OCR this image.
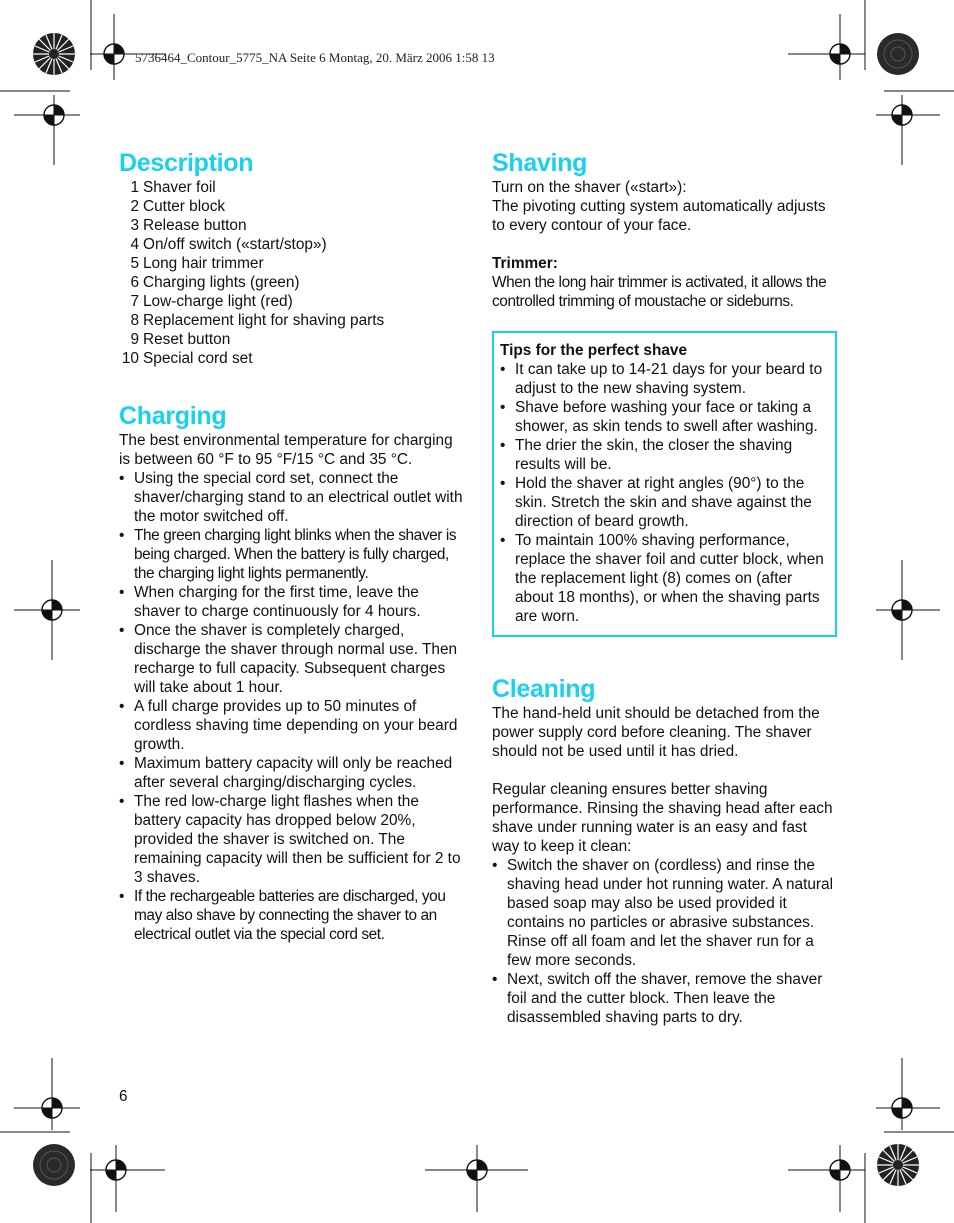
5736464_Contour_5775_NA Seite 6 Montag, 20. März 2006 1:58 13
Description
1 Shaver foil
2 Cutter block
3 Release button
4 On/off switch («start/stop»)
5 Long hair trimmer
6 Charging lights (green)
7 Low-charge light (red)
8 Replacement light for shaving parts
9 Reset button
10 Special cord set
Charging

The best environmental temperature for charging is between 60 °F to 95 °F/15 °C and 35 °C.

• Using the special cord set, connect the shaver/charging stand to an electrical outlet with the motor switched off.
• The green charging light blinks when the shaver is being charged. When the battery is fully charged, the charging light lights permanently.
• When charging for the first time, leave the shaver to charge continuously for 4 hours.
• Once the shaver is completely charged, discharge the shaver through normal use. Then recharge to full capacity. Subsequent charges will take about 1 hour.
• A full charge provides up to 50 minutes of cordless shaving time depending on your beard growth.
• Maximum battery capacity will only be reached after several charging/discharging cycles.
• The red low-charge light flashes when the battery capacity has dropped below 20%, provided the shaver is switched on. The remaining capacity will then be sufficient for 2 to 3 shaves.
• If the rechargeable batteries are discharged, you may also shave by connecting the shaver to an electrical outlet via the special cord set.
Shaving

Turn on the shaver («start»):

The pivoting cutting system automatically adjusts to every contour of your face.

Trimmer:

When the long hair trimmer is activated, it allows the controlled trimming of moustache or sideburns.

Tips for the perfect shave
• It can take up to 14-21 days for your beard to adjust to the new shaving system.
• Shave before washing your face or taking a shower, as skin tends to swell after washing.
• The drier the skin, the closer the shaving results will be.
• Hold the shaver at right angles (90°) to the skin. Stretch the skin and shave against the direction of beard growth.
• To maintain 100% shaving performance, replace the shaver foil and cutter block, when the replacement light (8) comes on (after about 18 months), or when the shaving parts are worn.
Cleaning

The hand-held unit should be detached from the power supply cord before cleaning. The shaver should not be used until it has dried.

Regular cleaning ensures better shaving performance. Rinsing the shaving head after each shave under running water is an easy and fast way to keep it clean:

• Switch the shaver on (cordless) and rinse the shaving head under hot running water. A natural based soap may also be used provided it contains no particles or abrasive substances. Rinse off all foam and let the shaver run for a few more seconds.
• Next, switch off the shaver, remove the shaver foil and the cutter block. Then leave the disassembled shaving parts to dry.
6
